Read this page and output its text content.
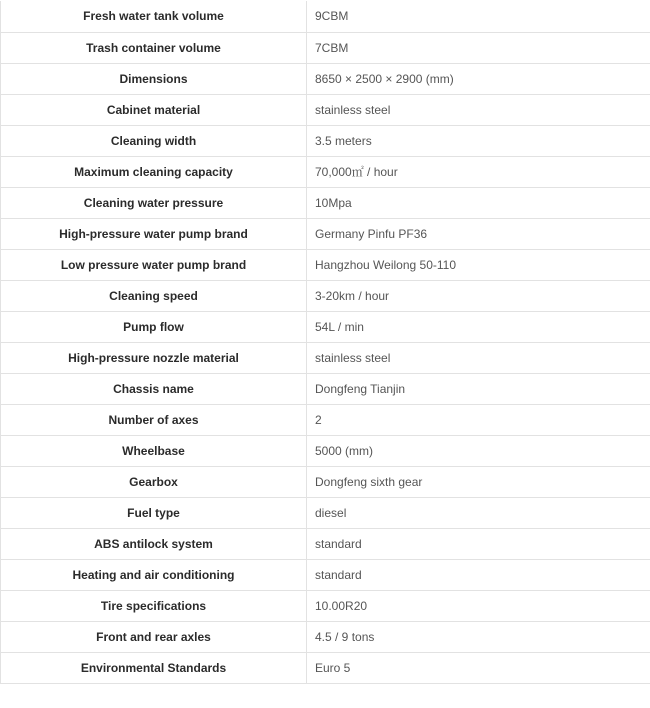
Fresh water tank volume	9CBM
Trash container volume	7CBM
Dimensions	8650 × 2500 × 2900 (mm)
Cabinet material	stainless steel
Cleaning width	3.5 meters
Maximum cleaning capacity	70,000㎡ / hour
Cleaning water pressure	10Mpa
High-pressure water pump brand	Germany Pinfu PF36
Low pressure water pump brand	Hangzhou Weilong 50-110
Cleaning speed	3-20km / hour
Pump flow	54L / min
High-pressure nozzle material	stainless steel
Chassis name	Dongfeng Tianjin
Number of axes	2
Wheelbase	5000 (mm)
Gearbox	Dongfeng sixth gear
Fuel type	diesel
ABS antilock system	standard
Heating and air conditioning	standard
Tire specifications	10.00R20
Front and rear axles	4.5 / 9 tons
Environmental Standards	Euro 5
